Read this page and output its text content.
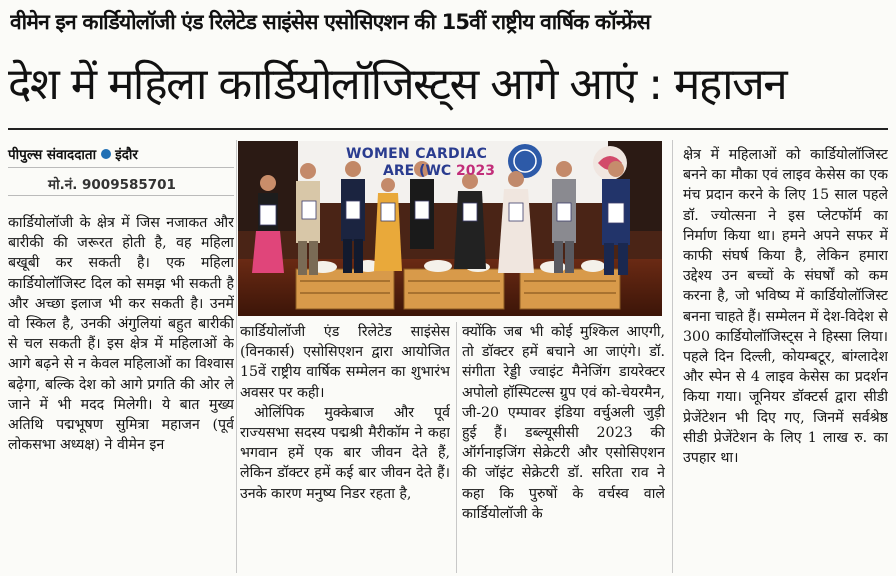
वीमेन इन कार्डियोलॉजी एंड रिलेटेड साइंसेस एसोसिएशन की 15वीं राष्ट्रीय वार्षिक कॉन्फ्रेंस
देश में महिला कार्डियोलॉजिस्ट्स आगे आएं : महाजन
पीपुल्स संवाददाता इंदौर
मो.नं. 9009585701

कार्डियोलॉजी के क्षेत्र में जिस नजाकत और बारीकी की जरूरत होती है, वह महिला बखूबी कर सकती है। एक महिला कार्डियोलॉजिस्ट दिल को समझ भी सकती है और अच्छा इलाज भी कर सकती है। उनमें वो स्किल है, उनकी अंगुलियां बहुत बारीकी से चल सकती हैं। इस क्षेत्र में महिलाओं के आगे बढ़ने से न केवल महिलाओं का विश्वास बढ़ेगा, बल्कि देश को आगे प्रगति की ओर ले जाने में भी मदद मिलेगी। ये बात मुख्य अतिथि पद्मभूषण सुमित्रा महाजन (पूर्व लोकसभा अध्यक्ष) ने वीमेन इन

WOMEN CARDIAC
ARE (WC 2023

कार्डियोलॉजी एंड रिलेटेड साइंसेस (विनकार्स) एसोसिएशन द्वारा आयोजित 15वें राष्ट्रीय वार्षिक सम्मेलन का शुभारंभ अवसर पर कही।

ओलिंपिक मुक्केबाज और पूर्व राज्यसभा सदस्य पद्मश्री मैरीकॉम ने कहा भगवान हमें एक बार जीवन देते हैं, लेकिन डॉक्टर हमें कई बार जीवन देते हैं। उनके कारण मनुष्य निडर रहता है,

क्योंकि जब भी कोई मुश्किल आएगी, तो डॉक्टर हमें बचाने आ जाएंगे। डॉ. संगीता रेड्डी ज्वाइंट मैनेजिंग डायरेक्टर अपोलो हॉस्पिटल्स ग्रुप एवं को-चेयरमैन, जी-20 एम्पावर इंडिया वर्चुअली जुड़ी हुई हैं। डब्ल्यूसीसी 2023 की ऑर्गनाइजिंग सेक्रेटरी और एसोसिएशन की जॉइंट सेक्रेटरी डॉ. सरिता राव ने कहा कि पुरुषों के वर्चस्व वाले कार्डियोलॉजी के

क्षेत्र में महिलाओं को कार्डियोलॉजिस्ट बनने का मौका एवं लाइव केसेस का एक मंच प्रदान करने के लिए 15 साल पहले डॉ. ज्योत्सना ने इस प्लेटफॉर्म का निर्माण किया था। हमने अपने सफर में काफी संघर्ष किया है, लेकिन हमारा उद्देश्य उन बच्चों के संघर्षों को कम करना है, जो भविष्य में कार्डियोलॉजिस्ट बनना चाहते हैं। सम्मेलन में देश-विदेश से 300 कार्डियोलॉजिस्ट्स ने हिस्सा लिया। पहले दिन दिल्ली, कोयम्बटूर, बांग्लादेश और स्पेन से 4 लाइव केसेस का प्रदर्शन किया गया। जूनियर डॉक्टर्स द्वारा सीडी प्रेजेंटेशन भी दिए गए, जिनमें सर्वश्रेष्ठ सीडी प्रेजेंटेशन के लिए 1 लाख रु. का उपहार था।
